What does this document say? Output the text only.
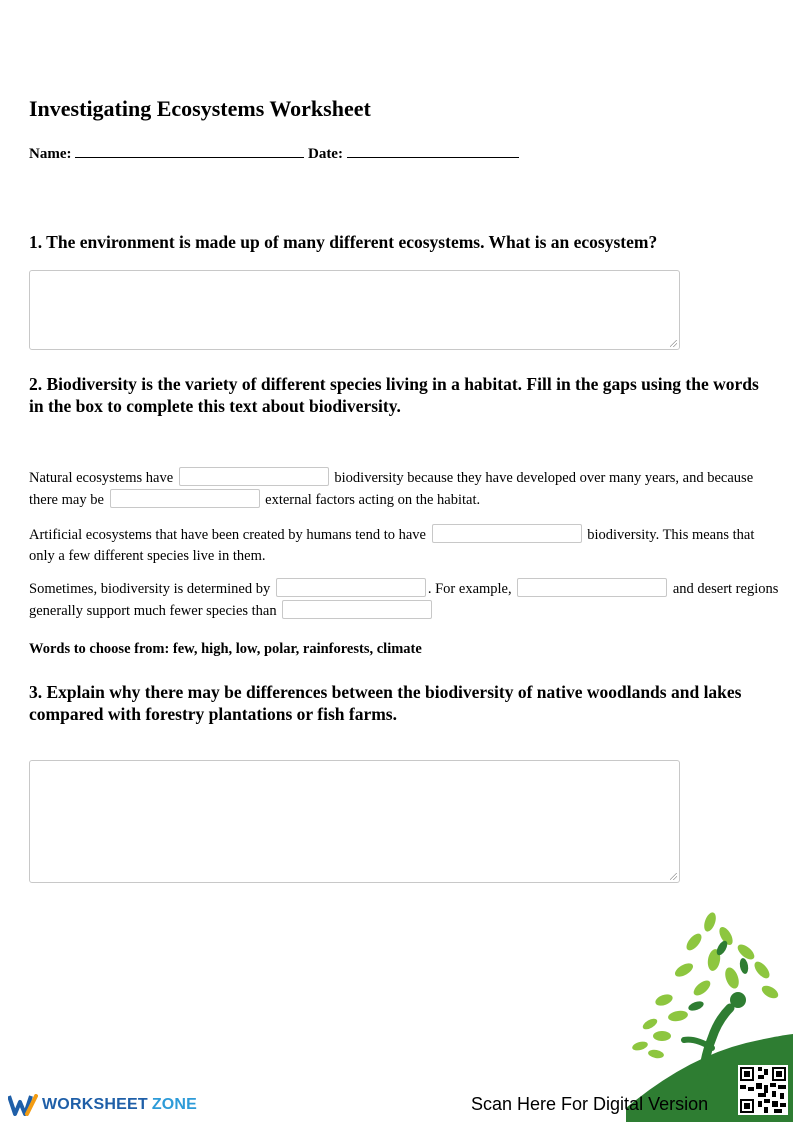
Investigating Ecosystems Worksheet
Name:	Date:
1. The environment is made up of many different ecosystems. What is an ecosystem?
2. Biodiversity is the variety of different species living in a habitat. Fill in the gaps using the words in the box to complete this text about biodiversity.
Natural ecosystems have	biodiversity because they have developed over many years, and because there may be	external factors acting on the habitat.
Artificial ecosystems that have been created by humans tend to have	biodiversity. This means that only a few different species live in them.
Sometimes, biodiversity is determined by	. For example,	and desert regions generally support much fewer species than
Words to choose from: few, high, low, polar, rainforests, climate
3. Explain why there may be differences between the biodiversity of native woodlands and lakes compared with forestry plantations or fish farms.
WORKSHEET ZONE	Scan Here For Digital Version
